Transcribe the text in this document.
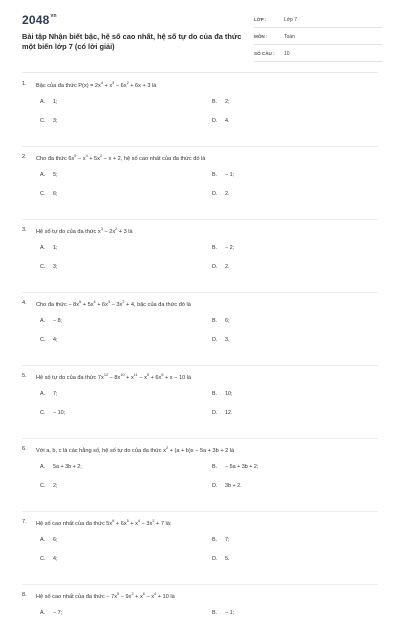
$2048^{vn}$
Bài tập Nhận biết bậc, hệ số cao nhất, hệ số tự do của đa thức một biến lớp 7 (có lời giải)
LỚP :	Lớp 7
MÔN :	Toán
SỐ CÂU : 10
1. Bậc của đa thức $P(x) = 2x^4 + x^3 - 6x^2 + 6x + 3$ là
A. 1;	B. 2;
C. 3;	D. 4.
2. Cho đa thức $6x^5 - x^4 + 5x^2 - x + 2$, hệ số cao nhất của đa thức đó là
A. 5;	B. − 1;
C. 6;	D. 2.
3. Hệ số tự do của đa thức $x^3 - 2x^2 + 3$ là
A. 1;	B. − 2;
C. 3;	D. 2.
4. Cho đa thức − $8x^6 + 5x^4 + 6x^3 - 3x^2 + 4$, bậc của đa thức đó là
A. − 8;	B. 6;
C. 4;	D. 3.
5. Hệ số tự do của đa thức $7x^{12} - 8x^{10} + x^{11} - x^5 + 6x^6 + x - 10$ là
A. 7;	B. 10;
C. − 10;	D. 12.
6. Với a, b, c là các hằng số, hệ số tự do của đa thức $x^2 + (a + b)x - 5a + 3b + 2$ là
A. 5a + 3b + 2;	B. − 5a + 3b + 2;
C. 2;	D. 3b + 2.
7. Hệ số cao nhất của đa thức $5x^6 + 6x^5 + x^4 - 3x^2 + 7$ là:
A. 6;	B. 7;
C. 4;	D. 5.
8. Hệ số cao nhất của đa thức − $7x^5 - 9x^2 + x^6 - x^4 + 10$ là
A. − 7;	B. − 1;
